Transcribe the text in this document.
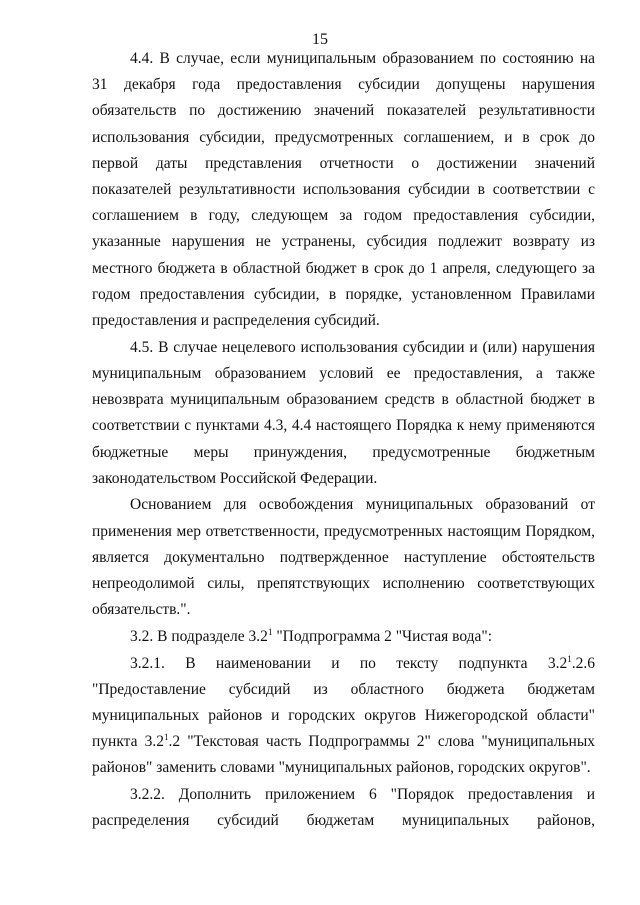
15

4.4. В случае, если муниципальным образованием по состоянию на 31 декабря года предоставления субсидии допущены нарушения обязательств по достижению значений показателей результативности использования субсидии, предусмотренных соглашением, и в срок до первой даты представления отчетности о достижении значений показателей результативности использования субсидии в соответствии с соглашением в году, следующем за годом предоставления субсидии, указанные нарушения не устранены, субсидия подлежит возврату из местного бюджета в областной бюджет в срок до 1 апреля, следующего за годом предоставления субсидии, в порядке, установленном Правилами предоставления и распределения субсидий.

4.5. В случае нецелевого использования субсидии и (или) нарушения муниципальным образованием условий ее предоставления, а также невозврата муниципальным образованием средств в областной бюджет в соответствии с пунктами 4.3, 4.4 настоящего Порядка к нему применяются бюджетные меры принуждения, предусмотренные бюджетным законодательством Российской Федерации.

Основанием для освобождения муниципальных образований от применения мер ответственности, предусмотренных настоящим Порядком, является документально подтвержденное наступление обстоятельств непреодолимой силы, препятствующих исполнению соответствующих обязательств.".

3.2. В подразделе $3.2^1$ "Подпрограмма 2 "Чистая вода":

3.2.1. В наименовании и по тексту подпункта $3.2^1.2.6$ "Предоставление субсидий из областного бюджета бюджетам муниципальных районов и городских округов Нижегородской области" пункта $3.2^1.2$ "Текстовая часть Подпрограммы 2" слова "муниципальных районов" заменить словами "муниципальных районов, городских округов".

3.2.2. Дополнить приложением 6 "Порядок предоставления и распределения субсидий бюджетам муниципальных районов,
